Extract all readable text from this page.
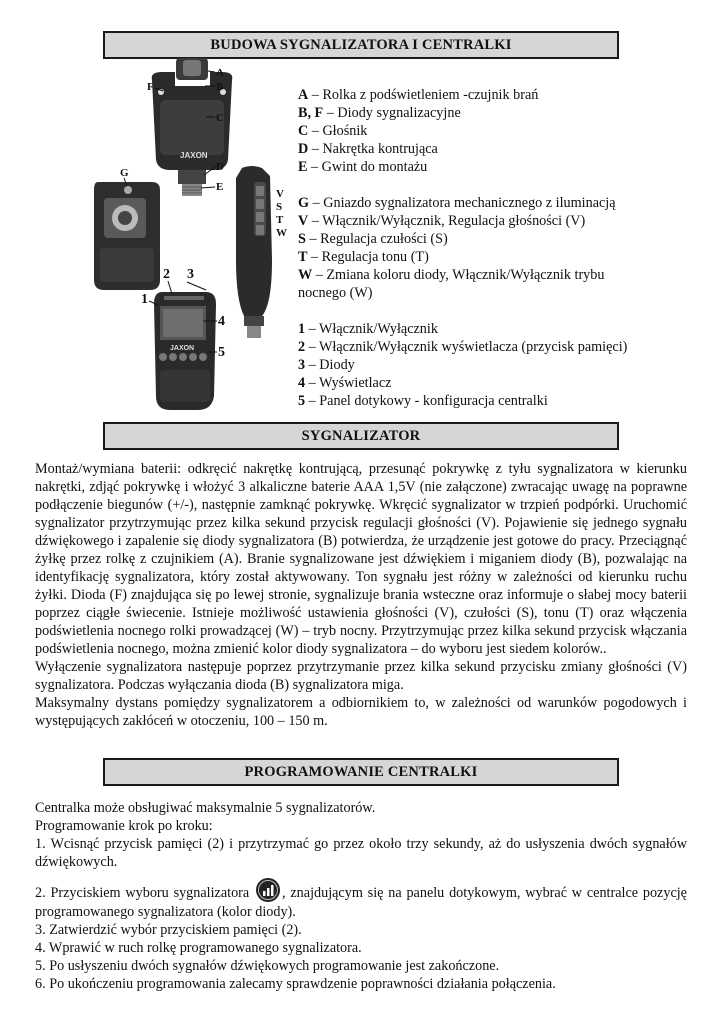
BUDOWA SYGNALIZATORA I CENTRALKI
JAXON
A
B
C
D
E
F
G
V
S
T
W
JAXON
1
2 3
4
5
A – Rolka z podświetleniem -czujnik brań
B, F – Diody sygnalizacyjne
C – Głośnik
D – Nakrętka kontrująca
E – Gwint do montażu
G – Gniazdo sygnalizatora mechanicznego z iluminacją
V – Włącznik/Wyłącznik, Regulacja głośności (V)
S – Regulacja czułości (S)
T – Regulacja tonu (T)
W – Zmiana koloru diody, Włącznik/Wyłącznik trybu
nocnego (W)
1 – Włącznik/Wyłącznik
2 – Włącznik/Wyłącznik wyświetlacza (przycisk pamięci)
3 – Diody
4 – Wyświetlacz
5 – Panel dotykowy - konfiguracja centralki
SYGNALIZATOR

Montaż/wymiana baterii: odkręcić nakrętkę kontrującą, przesunąć pokrywkę z tyłu sygnalizatora w kierunku nakrętki, zdjąć pokrywkę i włożyć 3 alkaliczne baterie AAA 1,5V (nie załączone) zwracając uwagę na poprawne podłączenie biegunów (+/-), następnie zamknąć pokrywkę. Wkręcić sygnalizator w trzpień podpórki. Uruchomić sygnalizator przytrzymując przez kilka sekund przycisk regulacji głośności (V). Pojawienie się jednego sygnału dźwiękowego i zapalenie się diody sygnalizatora (B) potwierdza, że urządzenie jest gotowe do pracy. Przeciągnąć żyłkę przez rolkę z czujnikiem (A). Branie sygnalizowane jest dźwiękiem i miganiem diody (B), pozwalając na identyfikację sygnalizatora, który został aktywowany. Ton sygnału jest różny w zależności od kierunku ruchu żyłki. Dioda (F) znajdująca się po lewej stronie, sygnalizuje brania wsteczne oraz informuje o słabej mocy baterii poprzez ciągłe świecenie. Istnieje możliwość ustawienia głośności (V), czułości (S), tonu (T) oraz włączenia podświetlenia nocnego rolki prowadzącej (W) – tryb nocny. Przytrzymując przez kilka sekund przycisk włączania podświetlenia nocnego, można zmienić kolor diody sygnalizatora – do wyboru jest siedem kolorów..

Wyłączenie sygnalizatora następuje poprzez przytrzymanie przez kilka sekund przycisku zmiany głośności (V) sygnalizatora. Podczas wyłączania dioda (B) sygnalizatora miga.

Maksymalny dystans pomiędzy sygnalizatorem a odbiornikiem to, w zależności od warunków pogodowych i występujących zakłóceń w otoczeniu, 100 – 150 m.

PROGRAMOWANIE CENTRALKI

Centralka może obsługiwać maksymalnie 5 sygnalizatorów.

Programowanie krok po kroku:

1. Wcisnąć przycisk pamięci (2) i przytrzymać go przez około trzy sekundy, aż do usłyszenia dwóch sygnałów dźwiękowych.

2. Przyciskiem wyboru sygnalizatora , znajdującym się na panelu dotykowym, wybrać w centralce pozycję programowanego sygnalizatora (kolor diody).

3. Zatwierdzić wybór przyciskiem pamięci (2).

4. Wprawić w ruch rolkę programowanego sygnalizatora.

5. Po usłyszeniu dwóch sygnałów dźwiękowych programowanie jest zakończone.

6. Po ukończeniu programowania zalecamy sprawdzenie poprawności działania połączenia.
